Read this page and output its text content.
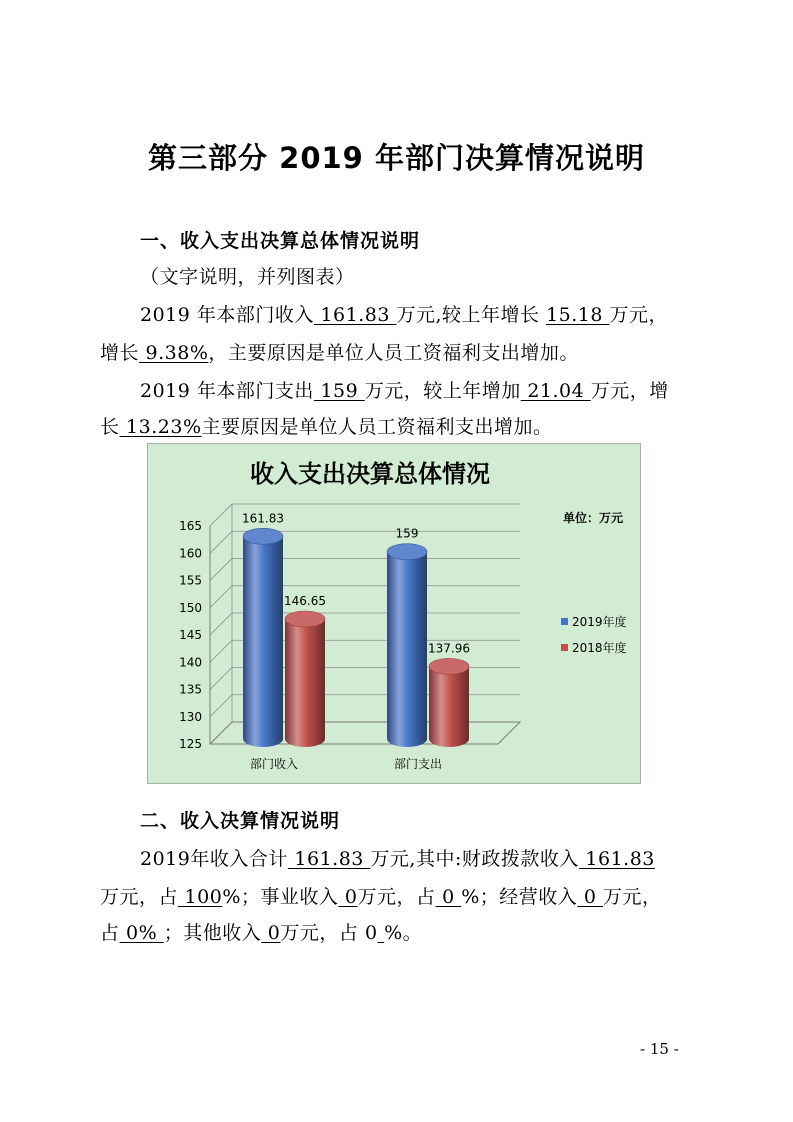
第三部分 2019 年部门决算情况说明
一、收入支出决算总体情况说明
（文字说明，并列图表）
2019 年本部门收入 161.83 万元,较上年增长 15.18 万元，
增长 9.38%，主要原因是单位人员工资福利支出增加。
2019 年本部门支出 159 万元，较上年增加 21.04 万元，增
长 13.23%主要原因是单位人员工资福利支出增加。
收入支出决算总体情况
单位：万元
125
130
135
140
145
150
155
160
165
部门收入
161.83
146.65
部门支出
159
137.96
2019年度
2018年度
二、收入决算情况说明
2019年收入合计 161.83 万元,其中:财政拨款收入 161.83
万元，占 100%；事业收入 0万元，占 0 %；经营收入 0 万元，
占 0% ；其他收入 0万元，占 0 %。
- 15 -
